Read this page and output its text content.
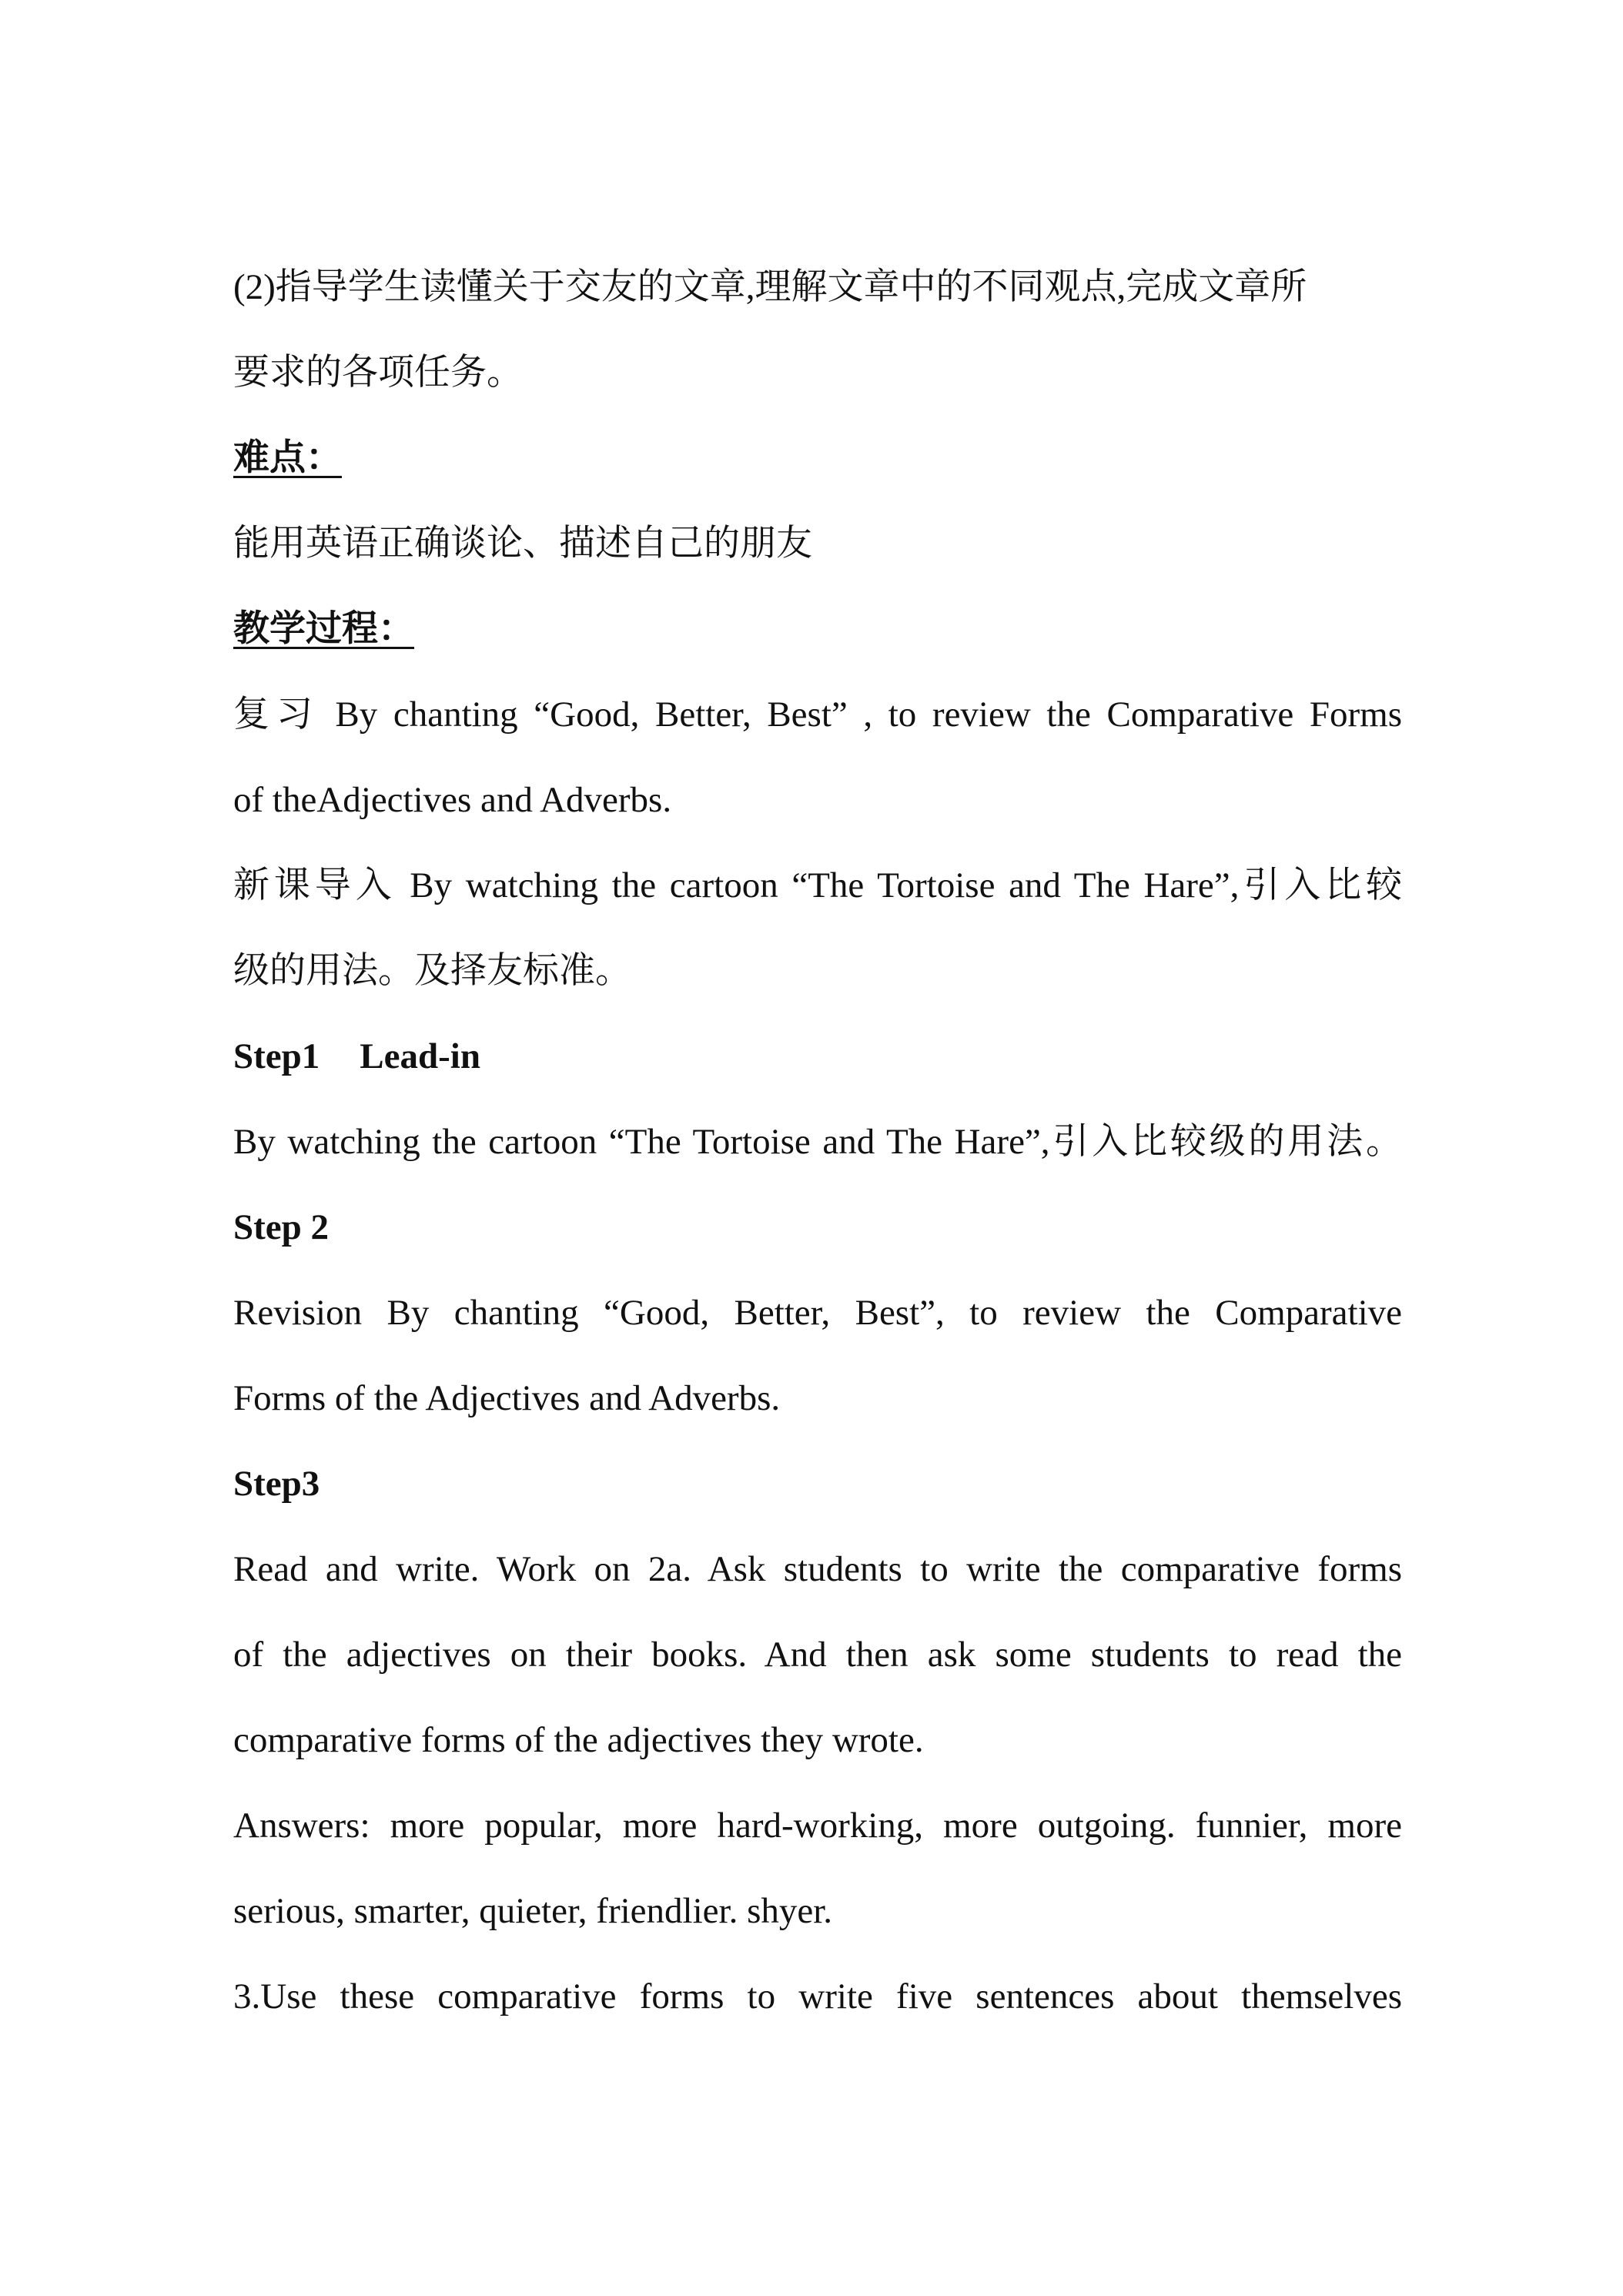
(2)指导学生读懂关于交友的文章,理解文章中的不同观点,完成文章所
要求的各项任务。
难点：
能用英语正确谈论、描述自己的朋友
教学过程：
复习 By chanting “Good, Better, Best” , to review the Comparative Forms
of theAdjectives and Adverbs.
新课导入 By watching the cartoon “The Tortoise and The Hare”,引入比较
级的用法。及择友标准。
Step1 Lead-in
By watching the cartoon “The Tortoise and The Hare”,引入比较级的用法。
Step 2
Revision By chanting “Good, Better, Best”, to review the Comparative
Forms of the Adjectives and Adverbs.
Step3
Read and write. Work on 2a. Ask students to write the comparative forms
of the adjectives on their books. And then ask some students to read the
comparative forms of the adjectives they wrote.
Answers: more popular, more hard-working, more outgoing. funnier, more
serious, smarter, quieter, friendlier. shyer.
3.Use these comparative forms to write five sentences about themselves
